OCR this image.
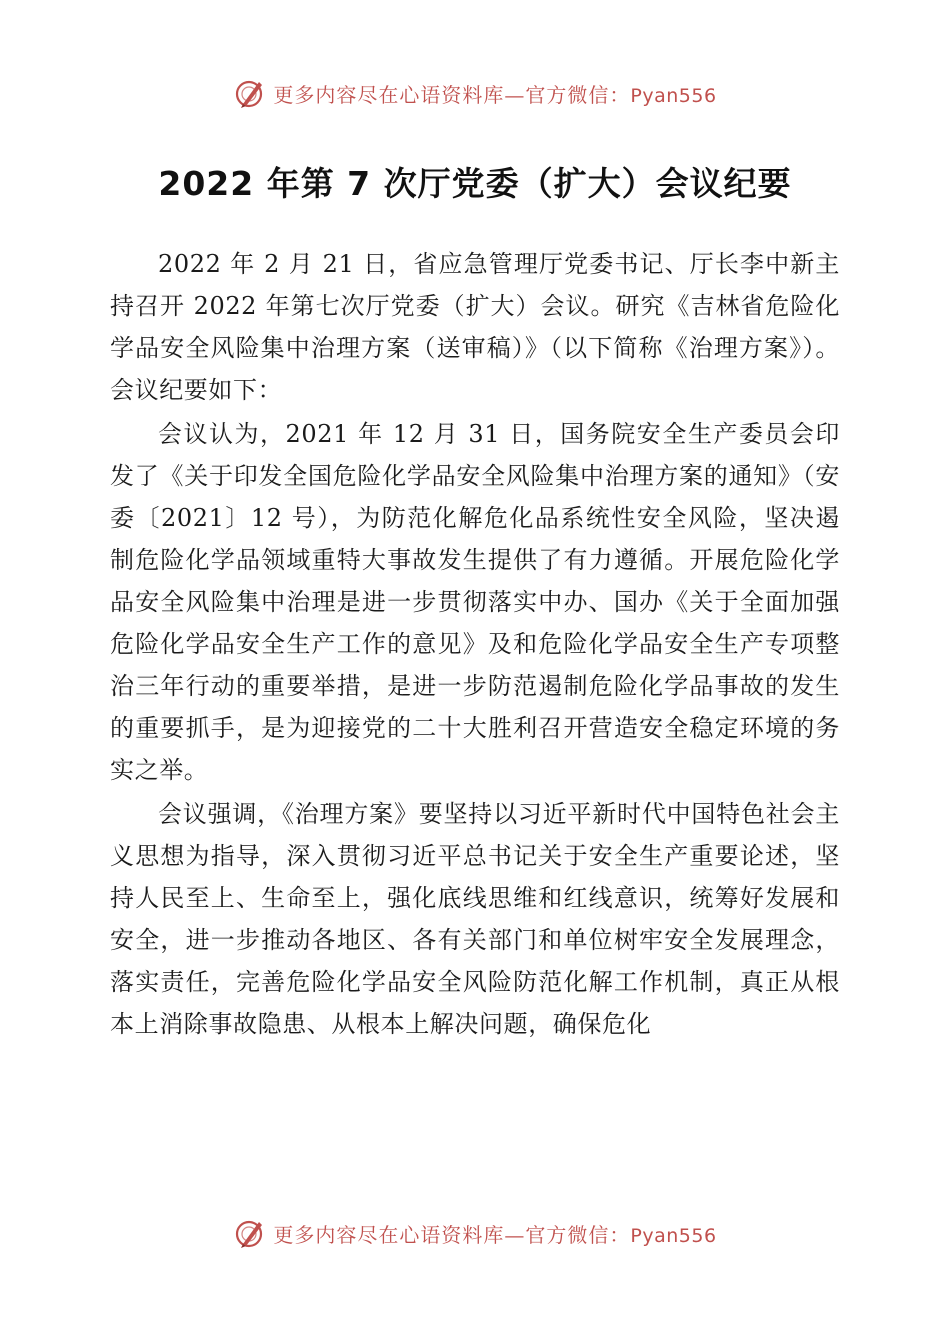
更多内容尽在心语资料库—官方微信：Pyan556
2022 年第 7 次厅党委（扩大）会议纪要

2022 年 2 月 21 日，省应急管理厅党委书记、厅长李中新主持召开 2022 年第七次厅党委（扩大）会议。研究《吉林省危险化学品安全风险集中治理方案（送审稿）》（以下简称《治理方案》）。会议纪要如下：

会议认为，2021 年 12 月 31 日，国务院安全生产委员会印发了《关于印发全国危险化学品安全风险集中治理方案的通知》（安委〔2021〕12 号），为防范化解危化品系统性安全风险，坚决遏制危险化学品领域重特大事故发生提供了有力遵循。开展危险化学品安全风险集中治理是进一步贯彻落实中办、国办《关于全面加强危险化学品安全生产工作的意见》及和危险化学品安全生产专项整治三年行动的重要举措，是进一步防范遏制危险化学品事故的发生的重要抓手，是为迎接党的二十大胜利召开营造安全稳定环境的务实之举。

会议强调，《治理方案》要坚持以习近平新时代中国特色社会主义思想为指导，深入贯彻习近平总书记关于安全生产重要论述，坚持人民至上、生命至上，强化底线思维和红线意识，统筹好发展和安全，进一步推动各地区、各有关部门和单位树牢安全发展理念，落实责任，完善危险化学品安全风险防范化解工作机制，真正从根本上消除事故隐患、从根本上解决问题，确保危化

更多内容尽在心语资料库—官方微信：Pyan556
